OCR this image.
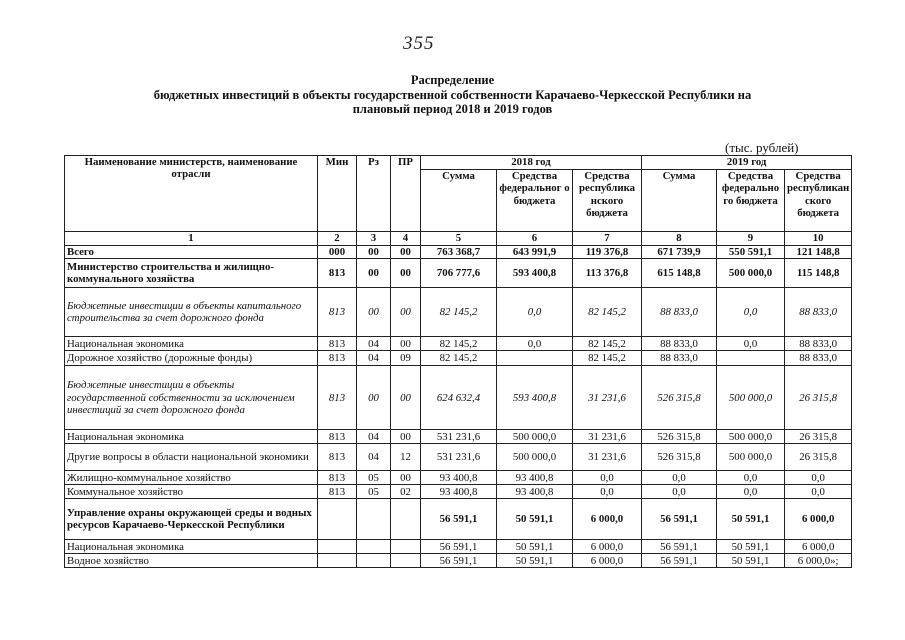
355
Распределение
бюджетных инвестиций в объекты государственной собственности Карачаево-Черкесской Республики на
плановый период 2018 и 2019 годов
(тыс. рублей)
Наименование министерств, наименование отрасли	Мин	Рз	ПР	2018 год			2019 год		
				Сумма	Средства федеральног о бюджета	Средства республика нского бюджета	Сумма	Средства федерально го бюджета	Средства республикан ского бюджета
1	2	3	4	5	6	7	8	9	10
Всего	000	00	00	763 368,7	643 991,9	119 376,8	671 739,9	550 591,1	121 148,8
Министерство строительства и жилищно-коммунального хозяйства	813	00	00	706 777,6	593 400,8	113 376,8	615 148,8	500 000,0	115 148,8
Бюджетные инвестиции в объекты капитального строительства за счет дорожного фонда	813	00	00	82 145,2	0,0	82 145,2	88 833,0	0,0	88 833,0
Национальная экономика	813	04	00	82 145,2	0,0	82 145,2	88 833,0	0,0	88 833,0
Дорожное хозяйство (дорожные фонды)	813	04	09	82 145,2		82 145,2	88 833,0		88 833,0
Бюджетные инвестиции в объекты государственной собственности за исключением инвестиций за счет дорожного фонда	813	00	00	624 632,4	593 400,8	31 231,6	526 315,8	500 000,0	26 315,8
Национальная экономика	813	04	00	531 231,6	500 000,0	31 231,6	526 315,8	500 000,0	26 315,8
Другие вопросы в области национальной экономики	813	04	12	531 231,6	500 000,0	31 231,6	526 315,8	500 000,0	26 315,8
Жилищно-коммунальное хозяйство	813	05	00	93 400,8	93 400,8	0,0	0,0	0,0	0,0
Коммунальное хозяйство	813	05	02	93 400,8	93 400,8	0,0	0,0	0,0	0,0
Управление охраны окружающей среды и водных ресурсов Карачаево-Черкесской Республики				56 591,1	50 591,1	6 000,0	56 591,1	50 591,1	6 000,0
Национальная экономика				56 591,1	50 591,1	6 000,0	56 591,1	50 591,1	6 000,0
Водное хозяйство				56 591,1	50 591,1	6 000,0	56 591,1	50 591,1	6 000,0»;
